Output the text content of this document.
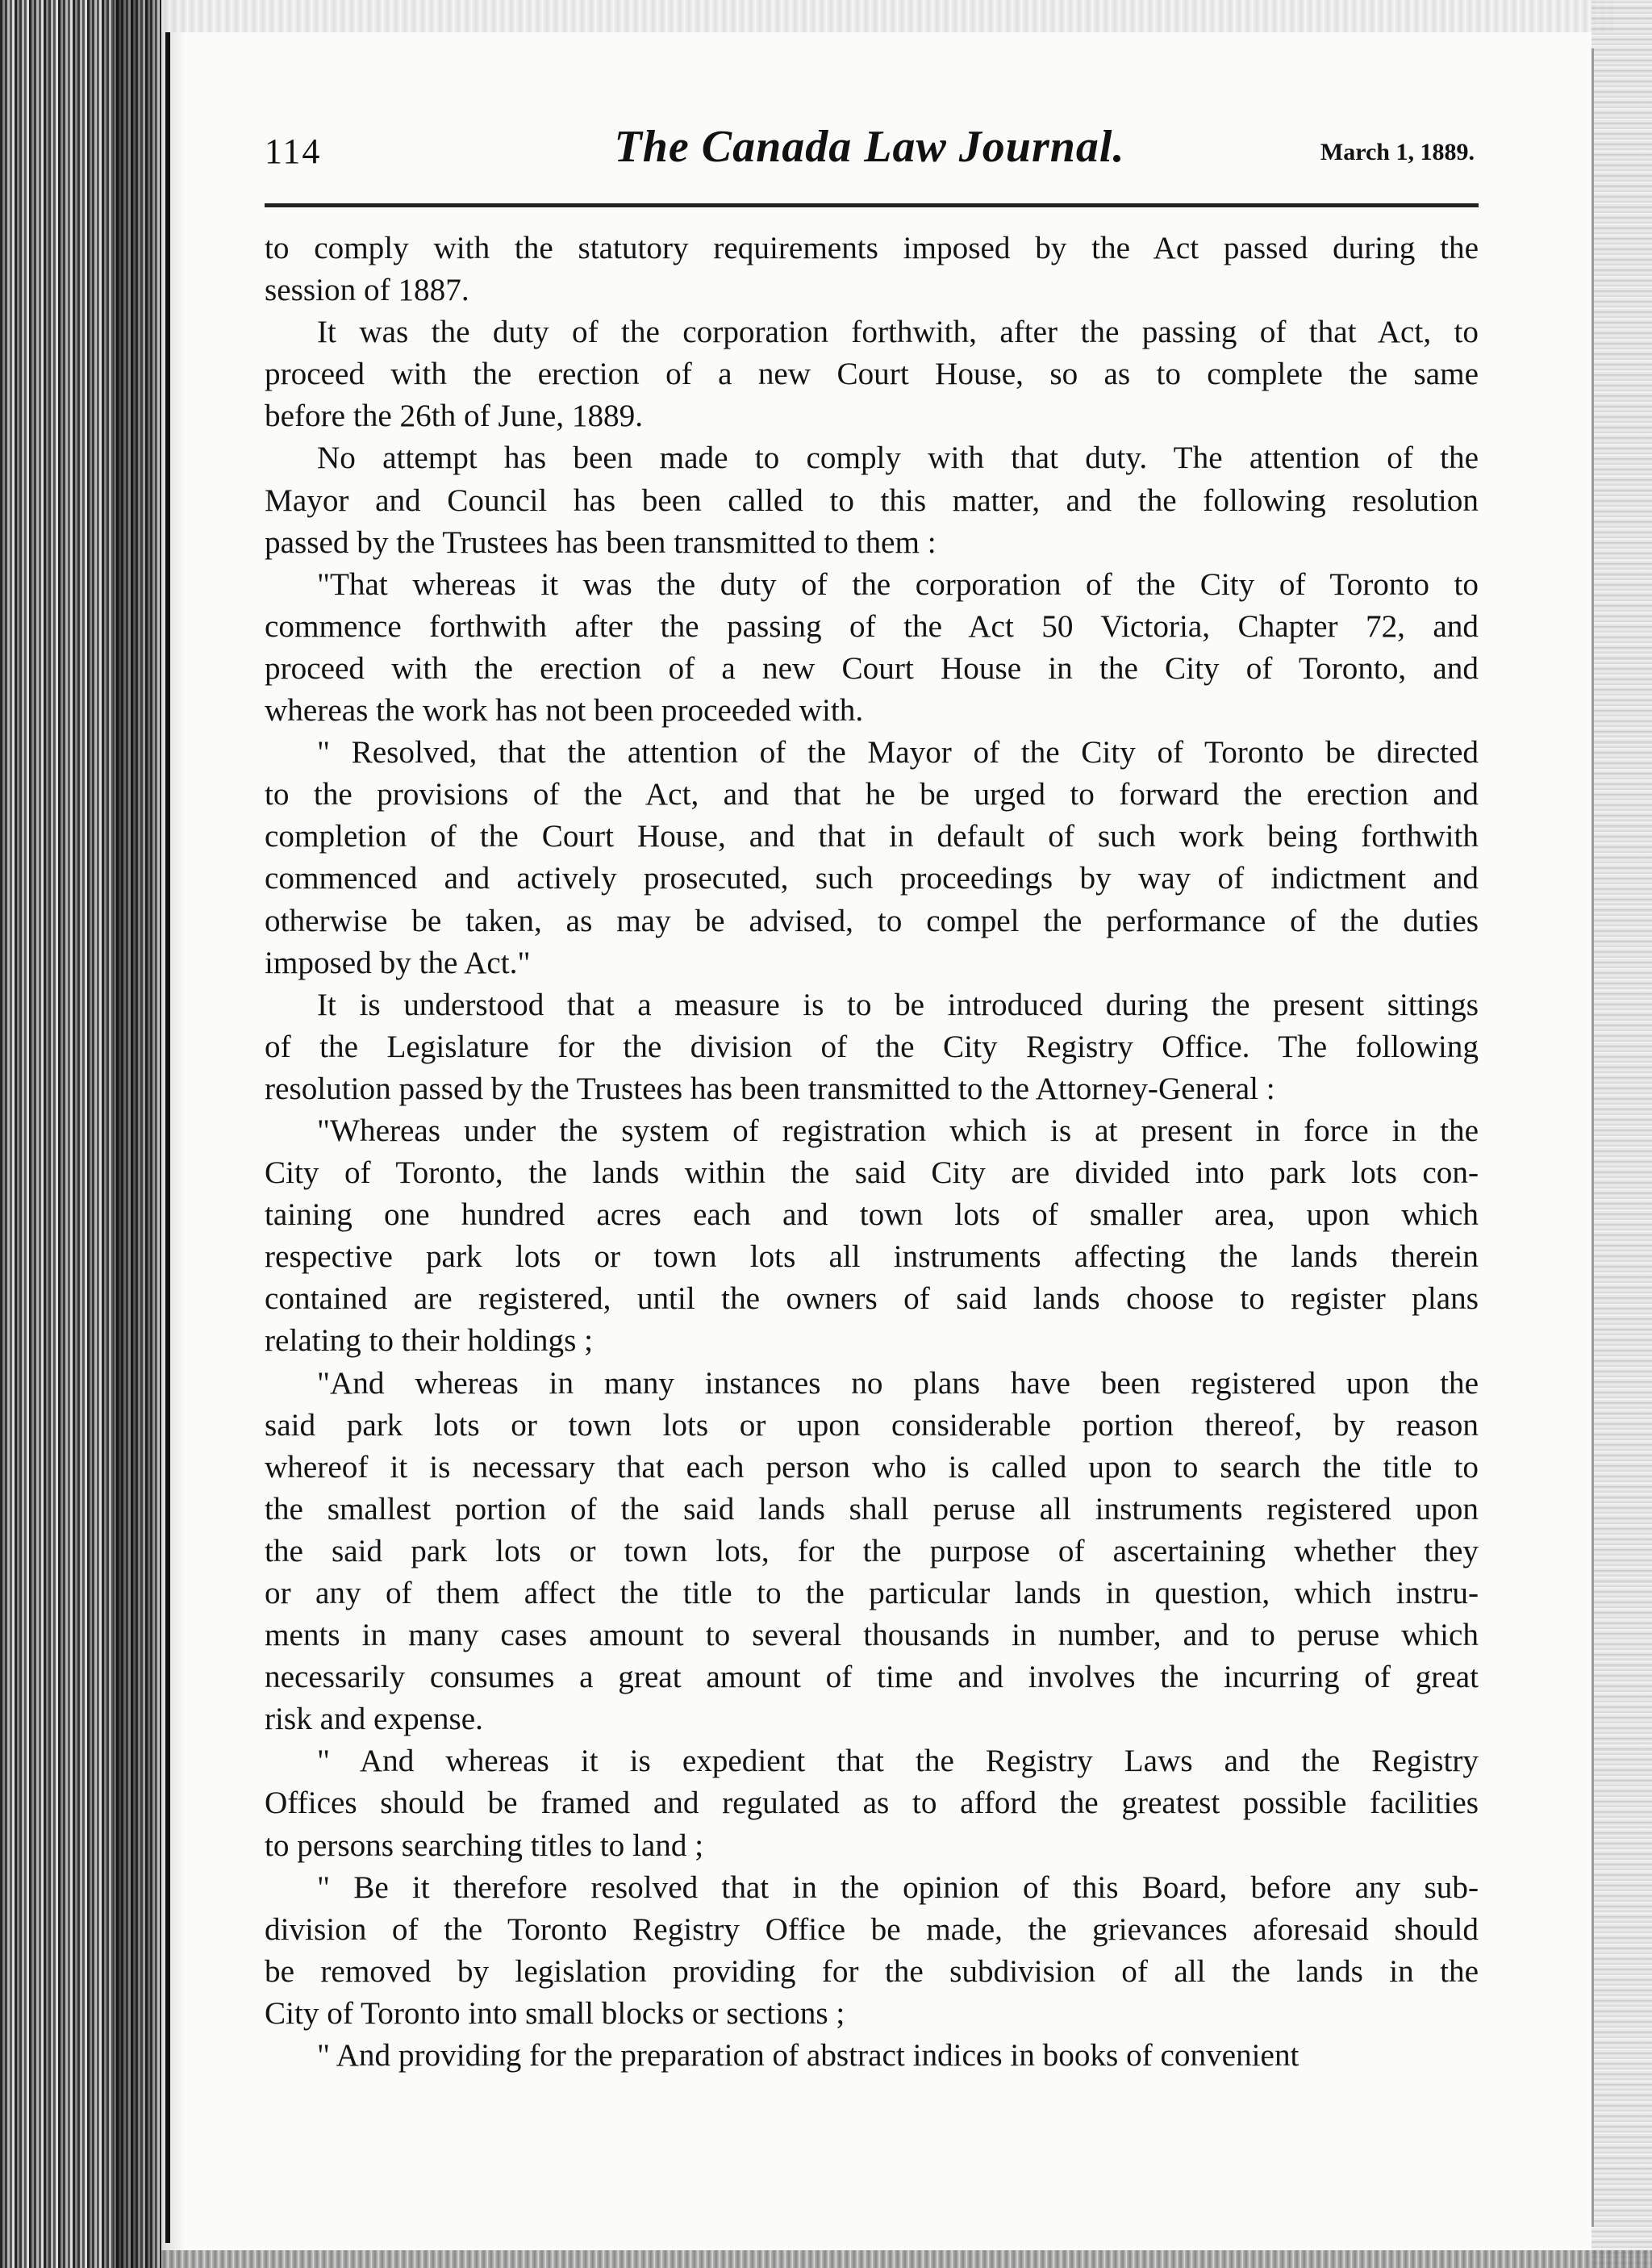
114	The Canada Law Journal.	March 1, 1889.
to comply with the statutory requirements imposed by the Act passed during the
session of 1887.
It was the duty of the corporation forthwith, after the passing of that Act, to
proceed with the erection of a new Court House, so as to complete the same
before the 26th of June, 1889.
No attempt has been made to comply with that duty. The attention of the
Mayor and Council has been called to this matter, and the following resolution
passed by the Trustees has been transmitted to them :
"That whereas it was the duty of the corporation of the City of Toronto to
commence forthwith after the passing of the Act 50 Victoria, Chapter 72, and
proceed with the erection of a new Court House in the City of Toronto, and
whereas the work has not been proceeded with.
" Resolved, that the attention of the Mayor of the City of Toronto be directed
to the provisions of the Act, and that he be urged to forward the erection and
completion of the Court House, and that in default of such work being forthwith
commenced and actively prosecuted, such proceedings by way of indictment and
otherwise be taken, as may be advised, to compel the performance of the duties
imposed by the Act."
It is understood that a measure is to be introduced during the present sittings
of the Legislature for the division of the City Registry Office. The following
resolution passed by the Trustees has been transmitted to the Attorney-General :
"Whereas under the system of registration which is at present in force in the
City of Toronto, the lands within the said City are divided into park lots con-
taining one hundred acres each and town lots of smaller area, upon which
respective park lots or town lots all instruments affecting the lands therein
contained are registered, until the owners of said lands choose to register plans
relating to their holdings ;
"And whereas in many instances no plans have been registered upon the
said park lots or town lots or upon considerable portion thereof, by reason
whereof it is necessary that each person who is called upon to search the title to
the smallest portion of the said lands shall peruse all instruments registered upon
the said park lots or town lots, for the purpose of ascertaining whether they
or any of them affect the title to the particular lands in question, which instru-
ments in many cases amount to several thousands in number, and to peruse which
necessarily consumes a great amount of time and involves the incurring of great
risk and expense.
" And whereas it is expedient that the Registry Laws and the Registry
Offices should be framed and regulated as to afford the greatest possible facilities
to persons searching titles to land ;
" Be it therefore resolved that in the opinion of this Board, before any sub-
division of the Toronto Registry Office be made, the grievances aforesaid should
be removed by legislation providing for the subdivision of all the lands in the
City of Toronto into small blocks or sections ;
" And providing for the preparation of abstract indices in books of convenient
